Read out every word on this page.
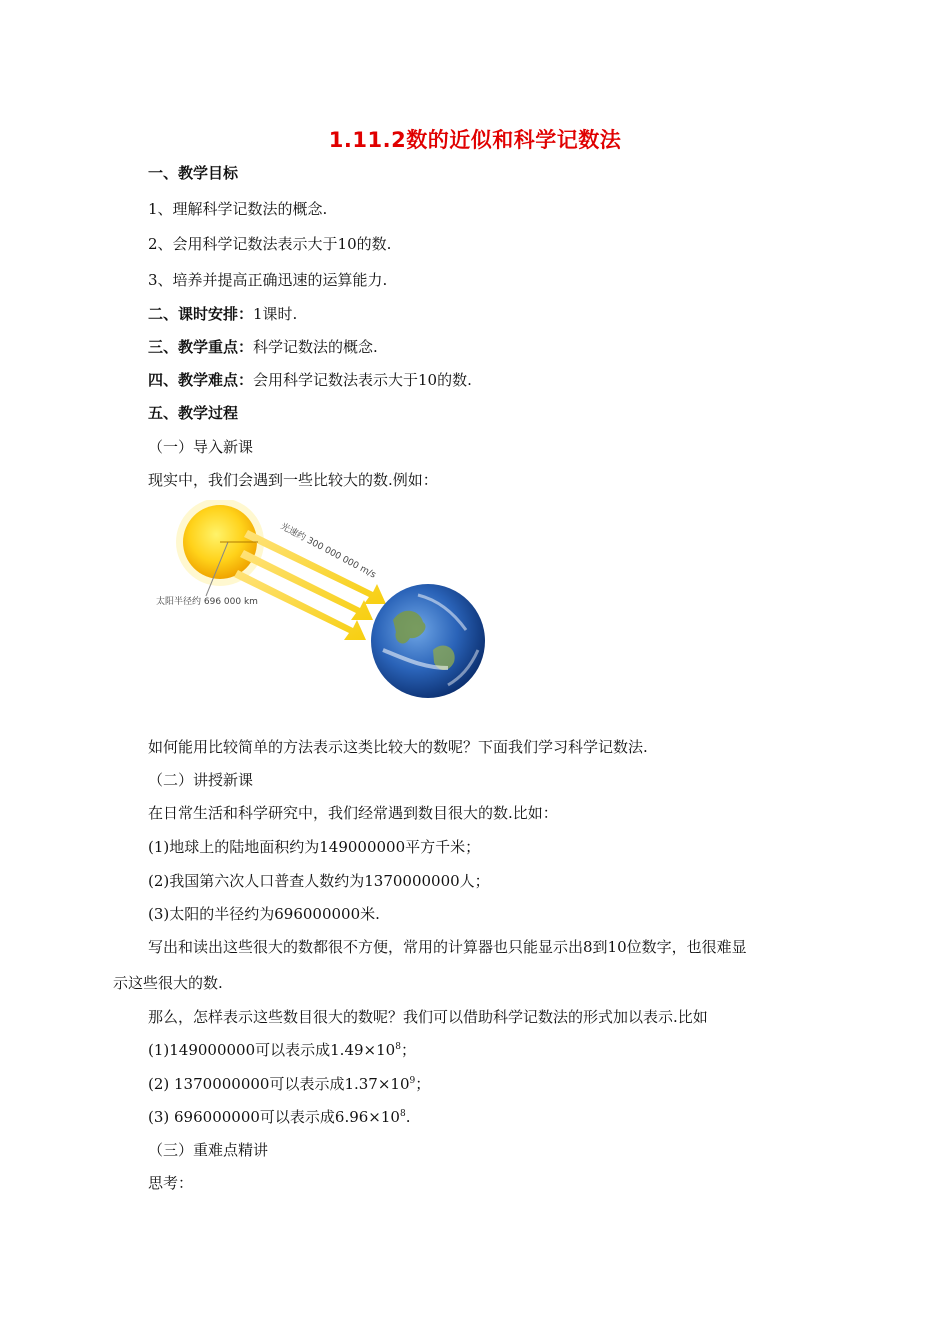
1.11.2数的近似和科学记数法
一、教学目标
1、理解科学记数法的概念.
2、会用科学记数法表示大于10的数.
3、培养并提高正确迅速的运算能力.
二、课时安排：1课时.
三、教学重点：科学记数法的概念.
四、教学难点：会用科学记数法表示大于10的数.
五、教学过程
（一）导入新课
现实中，我们会遇到一些比较大的数.例如：
光速约 300 000 000 m/s
太阳半径约 696 000 km
如何能用比较简单的方法表示这类比较大的数呢？下面我们学习科学记数法.
（二）讲授新课
在日常生活和科学研究中，我们经常遇到数目很大的数.比如：
(1)地球上的陆地面积约为149000000平方千米；
(2)我国第六次人口普查人数约为1370000000人；
(3)太阳的半径约为696000000米.
写出和读出这些很大的数都很不方便，常用的计算器也只能显示出8到10位数字，也很难显
示这些很大的数.
那么，怎样表示这些数目很大的数呢？我们可以借助科学记数法的形式加以表示.比如
(1)149000000可以表示成$1.49\times 10^8$；
(2) 1370000000可以表示成$1.37\times 10^9$；
(3) 696000000可以表示成$6.96\times 10^8$.
（三）重难点精讲
思考：
